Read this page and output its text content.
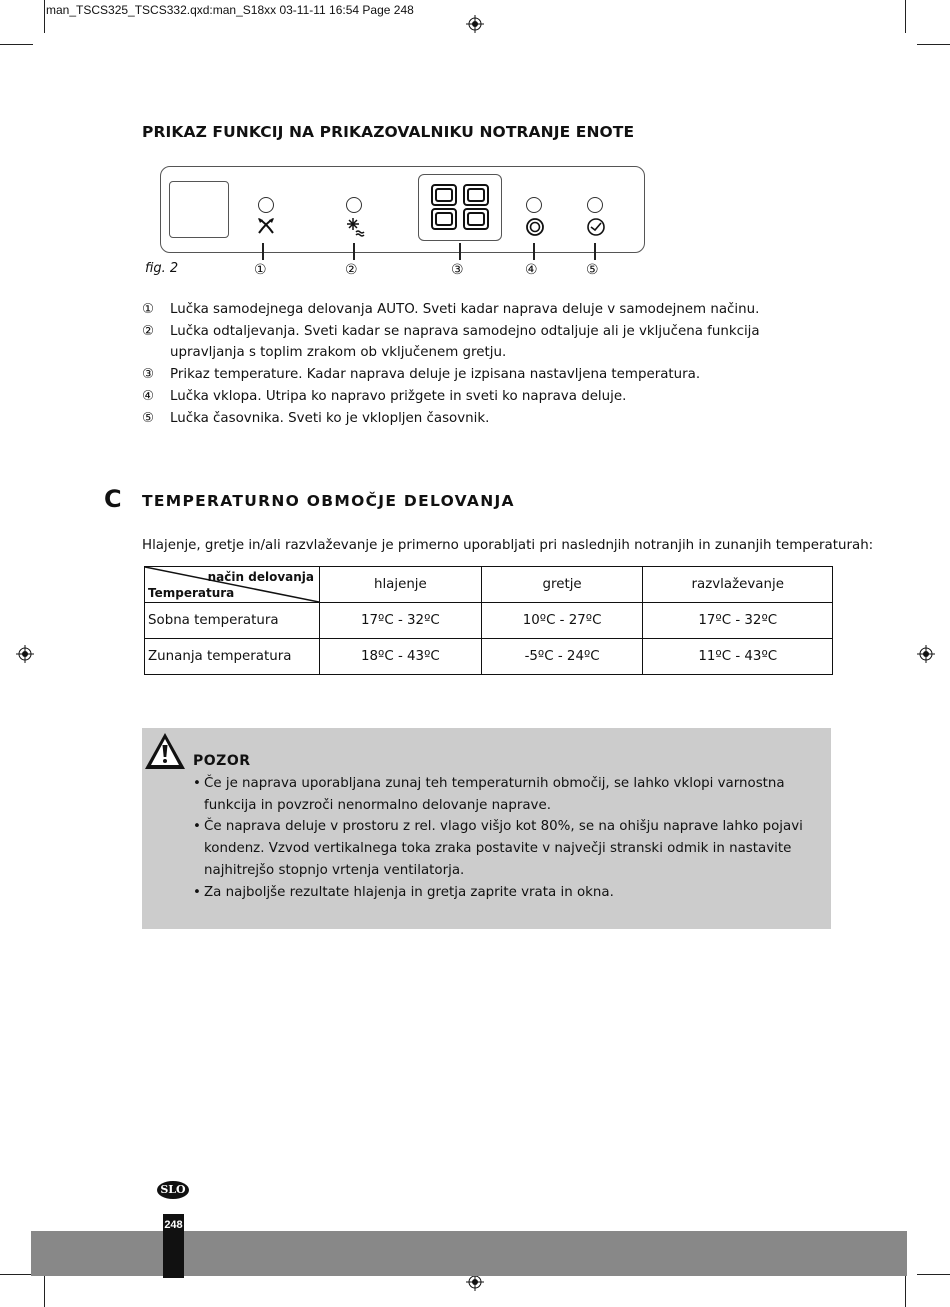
man_TSCS325_TSCS332.qxd:man_S18xx 03-11-11 16:54 Page 248
PRIKAZ FUNKCIJ NA PRIKAZOVALNIKU NOTRANJE ENOTE
①	②	③	④	⑤
fig. 2
① Lučka samodejnega delovanja AUTO. Sveti kadar naprava deluje v samodejnem načinu.
② Lučka odtaljevanja. Sveti kadar se naprava samodejno odtaljuje ali je vključena funkcija upravljanja s toplim zrakom ob vključenem gretju.
③ Prikaz temperature. Kadar naprava deluje je izpisana nastavljena temperatura.
④ Lučka vklopa. Utripa ko napravo prižgete in sveti ko naprava deluje.
⑤ Lučka časovnika. Sveti ko je vklopljen časovnik.
C TEMPERATURNO OBMOČJE DELOVANJA
Hlajenje, gretje in/ali razvlaževanje je primerno uporabljati pri naslednjih notranjih in zunanjih temperaturah:
način delovanja
Temperatura	hlajenje	gretje	razvlaževanje
Sobna temperatura	17ºC - 32ºC	10ºC - 27ºC	17ºC - 32ºC
Zunanja temperatura	18ºC - 43ºC	-5ºC - 24ºC	11ºC - 43ºC
POZOR
• Če je naprava uporabljana zunaj teh temperaturnih območij, se lahko vklopi varnostna funkcija in povzroči nenormalno delovanje naprave.
• Če naprava deluje v prostoru z rel. vlago višjo kot 80%, se na ohišju naprave lahko pojavi kondenz. Vzvod vertikalnega toka zraka postavite v največji stranski odmik in nastavite najhitrejšo stopnjo vrtenja ventilatorja.
• Za najboljše rezultate hlajenja in gretja zaprite vrata in okna.
SLO
248
